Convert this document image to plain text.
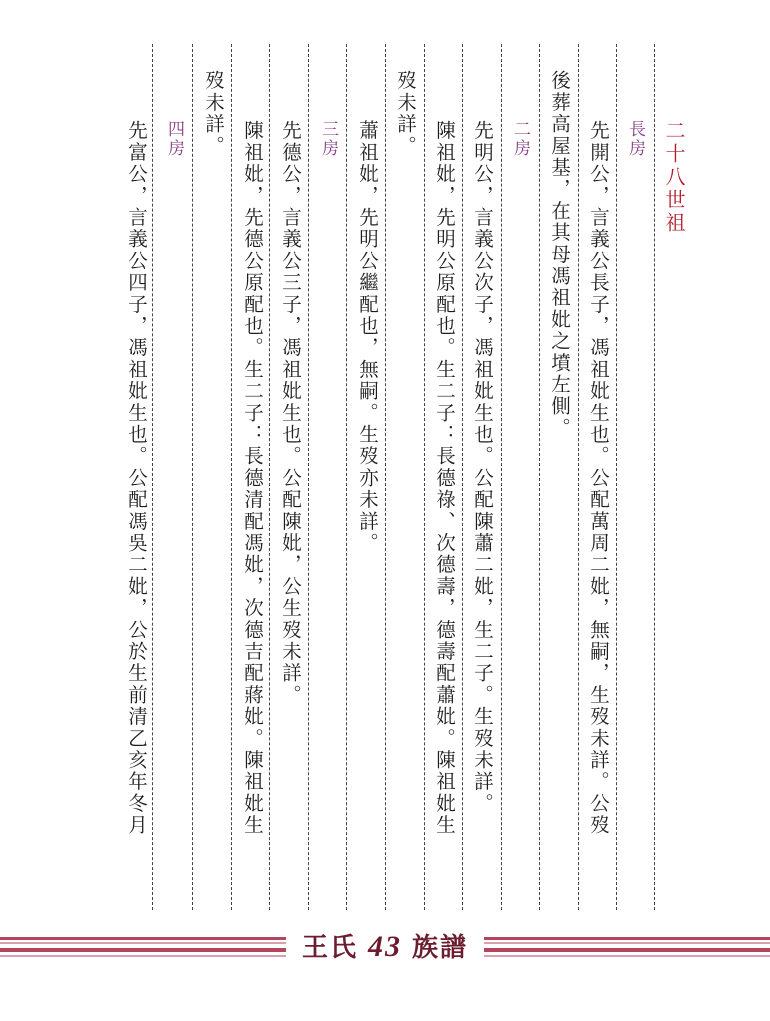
二十八世祖
長房
先開公，言義公長子，馮祖妣生也。公配萬周二妣，無嗣，生歿未詳。公歿
後葬高屋基，在其母馮祖妣之墳左側。
二房
先明公，言義公次子，馮祖妣生也。公配陳蕭二妣，生二子。生歿未詳。
陳祖妣，先明公原配也。生二子：長德祿、次德壽，德壽配蕭妣。陳祖妣生
歿未詳。
蕭祖妣，先明公繼配也，無嗣。生歿亦未詳。
三房
先德公，言義公三子，馮祖妣生也。公配陳妣，公生歿未詳。
陳祖妣，先德公原配也。生二子：長德清配馮妣，次德吉配蔣妣。陳祖妣生
歿未詳。
四房
先富公，言義公四子，馮祖妣生也。公配馮吳二妣，公於生前清乙亥年冬月
王氏 43 族譜
